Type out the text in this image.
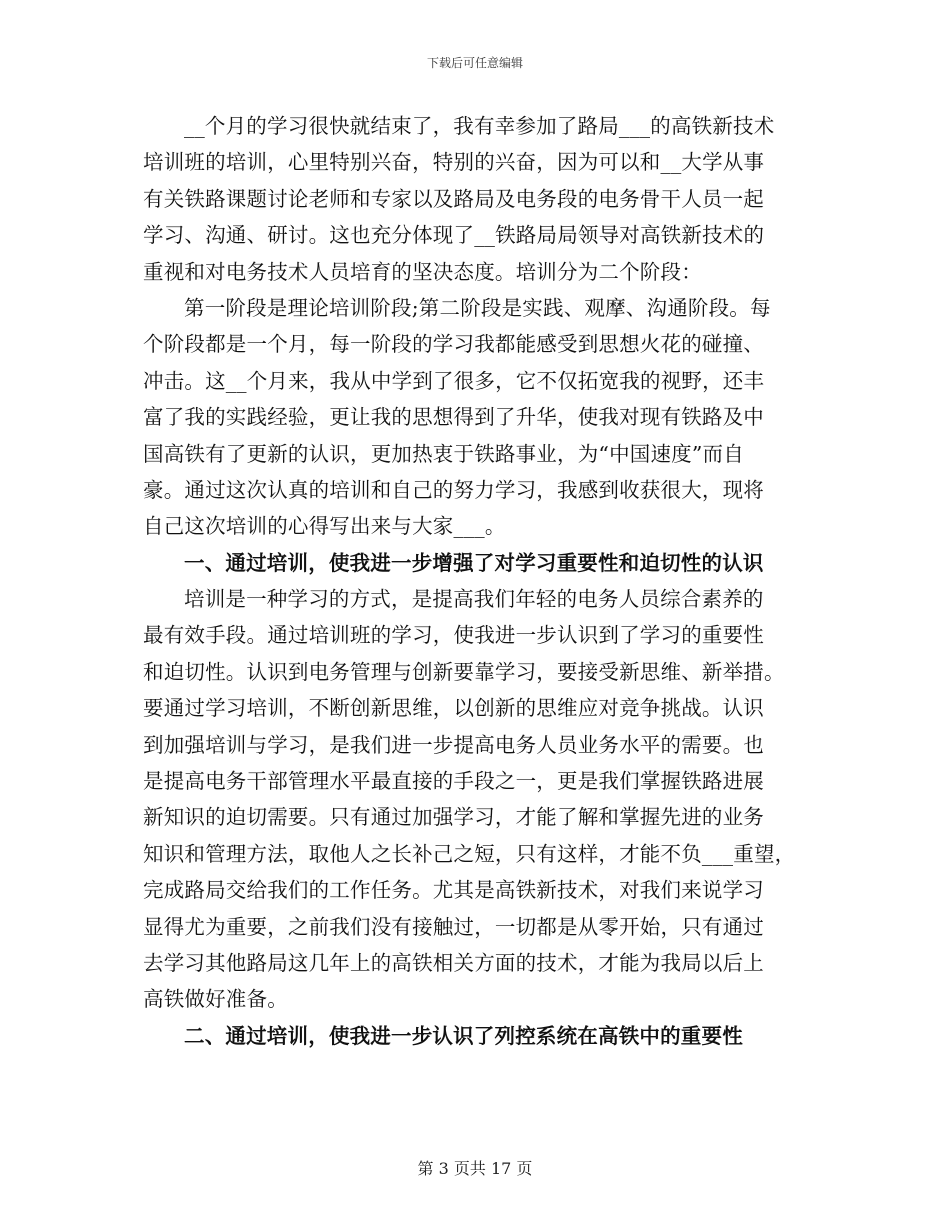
下载后可任意编辑
__个月的学习很快就结束了，我有幸参加了路局___的高铁新技术
培训班的培训，心里特别兴奋，特别的兴奋，因为可以和__大学从事
有关铁路课题讨论老师和专家以及路局及电务段的电务骨干人员一起
学习、沟通、研讨。这也充分体现了__铁路局局领导对高铁新技术的
重视和对电务技术人员培育的坚决态度。培训分为二个阶段：
第一阶段是理论培训阶段;第二阶段是实践、观摩、沟通阶段。每
个阶段都是一个月，每一阶段的学习我都能感受到思想火花的碰撞、
冲击。这__个月来，我从中学到了很多，它不仅拓宽我的视野，还丰
富了我的实践经验，更让我的思想得到了升华，使我对现有铁路及中
国高铁有了更新的认识，更加热衷于铁路事业，为“中国速度”而自
豪。通过这次认真的培训和自己的努力学习，我感到收获很大，现将
自己这次培训的心得写出来与大家___。
一、通过培训，使我进一步增强了对学习重要性和迫切性的认识
培训是一种学习的方式，是提高我们年轻的电务人员综合素养的
最有效手段。通过培训班的学习，使我进一步认识到了学习的重要性
和迫切性。认识到电务管理与创新要靠学习，要接受新思维、新举措。
要通过学习培训，不断创新思维，以创新的思维应对竞争挑战。认识
到加强培训与学习，是我们进一步提高电务人员业务水平的需要。也
是提高电务干部管理水平最直接的手段之一，更是我们掌握铁路进展
新知识的迫切需要。只有通过加强学习，才能了解和掌握先进的业务
知识和管理方法，取他人之长补己之短，只有这样，才能不负___重望，
完成路局交给我们的工作任务。尤其是高铁新技术，对我们来说学习
显得尤为重要，之前我们没有接触过，一切都是从零开始，只有通过
去学习其他路局这几年上的高铁相关方面的技术，才能为我局以后上
高铁做好准备。
二、通过培训，使我进一步认识了列控系统在高铁中的重要性
第 3 页共 17 页
